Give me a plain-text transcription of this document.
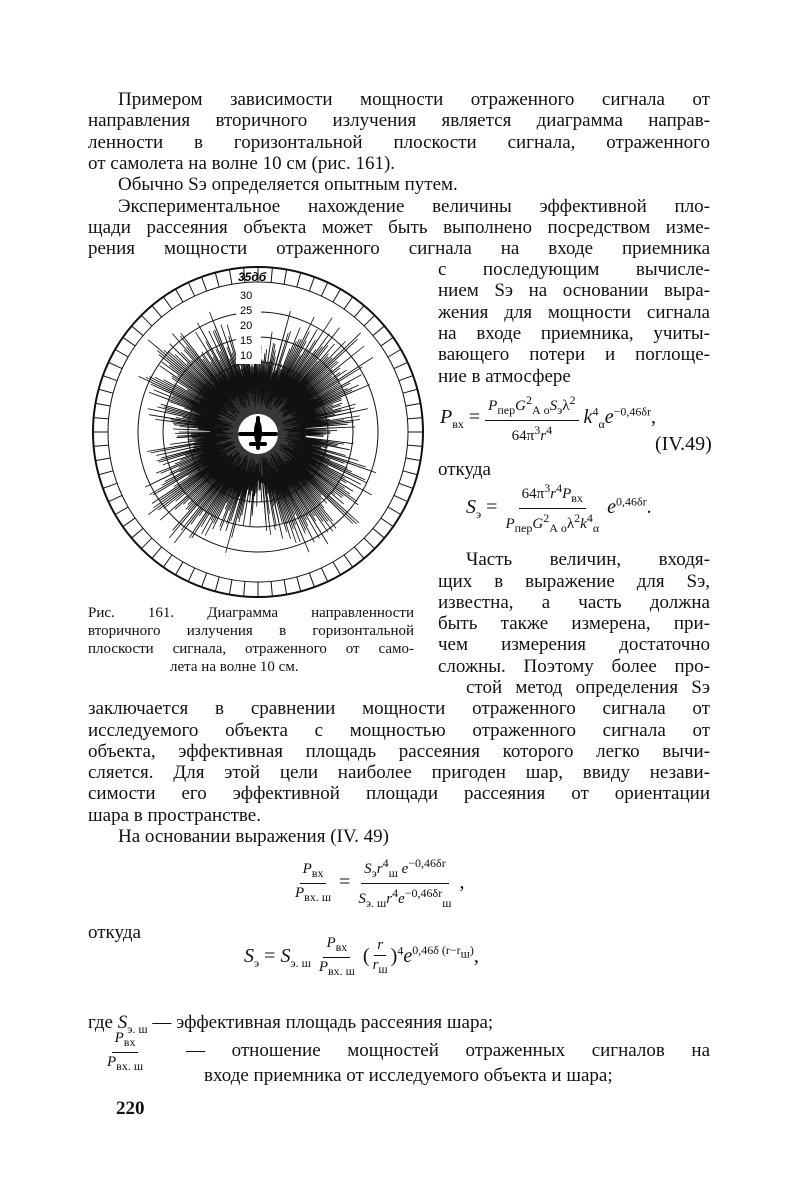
Примером зависимости мощности отраженного сигнала от
направления вторичного излучения является диаграмма направ-
ленности в горизонтальной плоскости сигнала, отраженного
от самолета на волне 10 см (рис. 161).
Обычно Sэ определяется опытным путем.
Экспериментальное нахождение величины эффективной пло-
щади рассеяния объекта может быть выполнено посредством изме-
рения мощности отраженного сигнала на входе приемника
с последующим вычисле-
нием Sэ на основании выра-
жения для мощности сигнала
на входе приемника, учиты-
вающего потери и поглоще-
ние в атмосфере
$P_{вх} = \frac{P_{пер}G^2_{А о}S_э\lambda^2}{64\pi^3r^4} k^4_\alpha e^{-0,46\delta r}$,
(IV.49)
откуда
$S_э = \frac{64\pi^3r^4P_{вх}}{P_{пер}G^2_{А о}\lambda^2k^4_\alpha} e^{0,46\delta r}$.
Часть величин, входя-
щих в выражение для Sэ,
известна, а часть должна
быть также измерена, при-
чем измерения достаточно
сложны. Поэтому более про-
стой метод определения Sэ
35дб
30
25
20
15
10
Рис. 161. Диаграмма направленности
вторичного излучения в горизонтальной
плоскости сигнала, отраженного от само-
лета на волне 10 см.
заключается в сравнении мощности отраженного сигнала от
исследуемого объекта с мощностью отраженного сигнала от
объекта, эффективная площадь рассеяния которого легко вычи-
сляется. Для этой цели наиболее пригоден шар, ввиду незави-
симости его эффективной площади рассеяния от ориентации
шара в пространстве.
На основании выражения (IV. 49)
$\frac{P_{вх}}{P_{вх. ш}} = \frac{S_эr^4_ш e^{-0,46\delta r}}{S_{э. ш}r^4e^{-0,46\delta r}_ш}$ ,
откуда
$S_э = S_{э. ш} \frac{P_{вх}}{P_{вх. ш}}$ ( $\frac{r}{r_ш} )^4e^{0,46\delta (r-r_ш)}$,
где $S_{э. ш}$ — эффективная площадь рассеяния шара;
$\frac{P_{вх}}{P_{вх. ш}}$ — отношение мощностей отраженных сигналов на
входе приемника от исследуемого объекта и шара;
220
